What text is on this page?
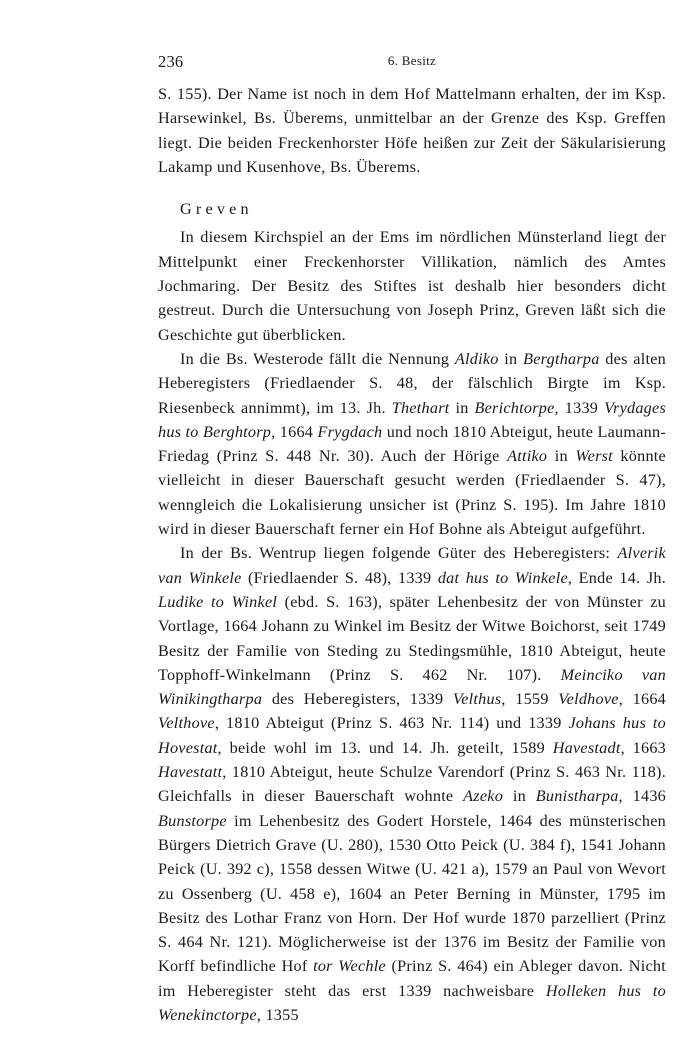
236	6. Besitz

S. 155). Der Name ist noch in dem Hof Mattelmann erhalten, der im Ksp. Harsewinkel, Bs. Überems, unmittelbar an der Grenze des Ksp. Greffen liegt. Die beiden Freckenhorster Höfe heißen zur Zeit der Säkularisierung Lakamp und Kusenhove, Bs. Überems.

Greven

In diesem Kirchspiel an der Ems im nördlichen Münsterland liegt der Mittelpunkt einer Freckenhorster Villikation, nämlich des Amtes Jochmaring. Der Besitz des Stiftes ist deshalb hier besonders dicht gestreut. Durch die Untersuchung von Joseph Prinz, Greven läßt sich die Geschichte gut überblicken.

In die Bs. Westerode fällt die Nennung Aldiko in Bergtharpa des alten Heberegisters (Friedlaender S. 48, der fälschlich Birgte im Ksp. Riesenbeck annimmt), im 13. Jh. Thethart in Berichtorpe, 1339 Vrydages hus to Berghtorp, 1664 Frygdach und noch 1810 Abteigut, heute Laumann-Friedag (Prinz S. 448 Nr. 30). Auch der Hörige Attiko in Werst könnte vielleicht in dieser Bauerschaft gesucht werden (Friedlaender S. 47), wenngleich die Lokalisierung unsicher ist (Prinz S. 195). Im Jahre 1810 wird in dieser Bauerschaft ferner ein Hof Bohne als Abteigut aufgeführt.

In der Bs. Wentrup liegen folgende Güter des Heberegisters: Alverik van Winkele (Friedlaender S. 48), 1339 dat hus to Winkele, Ende 14. Jh. Ludike to Winkel (ebd. S. 163), später Lehenbesitz der von Münster zu Vortlage, 1664 Johann zu Winkel im Besitz der Witwe Boichorst, seit 1749 Besitz der Familie von Steding zu Stedingsmühle, 1810 Abteigut, heute Topphoff-Winkelmann (Prinz S. 462 Nr. 107). Meinciko van Winikingtharpa des Heberegisters, 1339 Velthus, 1559 Veldhove, 1664 Velthove, 1810 Abteigut (Prinz S. 463 Nr. 114) und 1339 Johans hus to Hovestat, beide wohl im 13. und 14. Jh. geteilt, 1589 Havestadt, 1663 Havestatt, 1810 Abteigut, heute Schulze Varendorf (Prinz S. 463 Nr. 118). Gleichfalls in dieser Bauerschaft wohnte Azeko in Bunistharpa, 1436 Bunstorpe im Lehenbesitz des Godert Horstele, 1464 des münsterischen Bürgers Dietrich Grave (U. 280), 1530 Otto Peick (U. 384 f), 1541 Johann Peick (U. 392 c), 1558 dessen Witwe (U. 421 a), 1579 an Paul von Wevort zu Ossenberg (U. 458 e), 1604 an Peter Berning in Münster, 1795 im Besitz des Lothar Franz von Horn. Der Hof wurde 1870 parzelliert (Prinz S. 464 Nr. 121). Möglicherweise ist der 1376 im Besitz der Familie von Korff befindliche Hof tor Wechle (Prinz S. 464) ein Ableger davon. Nicht im Heberegister steht das erst 1339 nachweisbare Holleken hus to Wenekinctorpe, 1355
